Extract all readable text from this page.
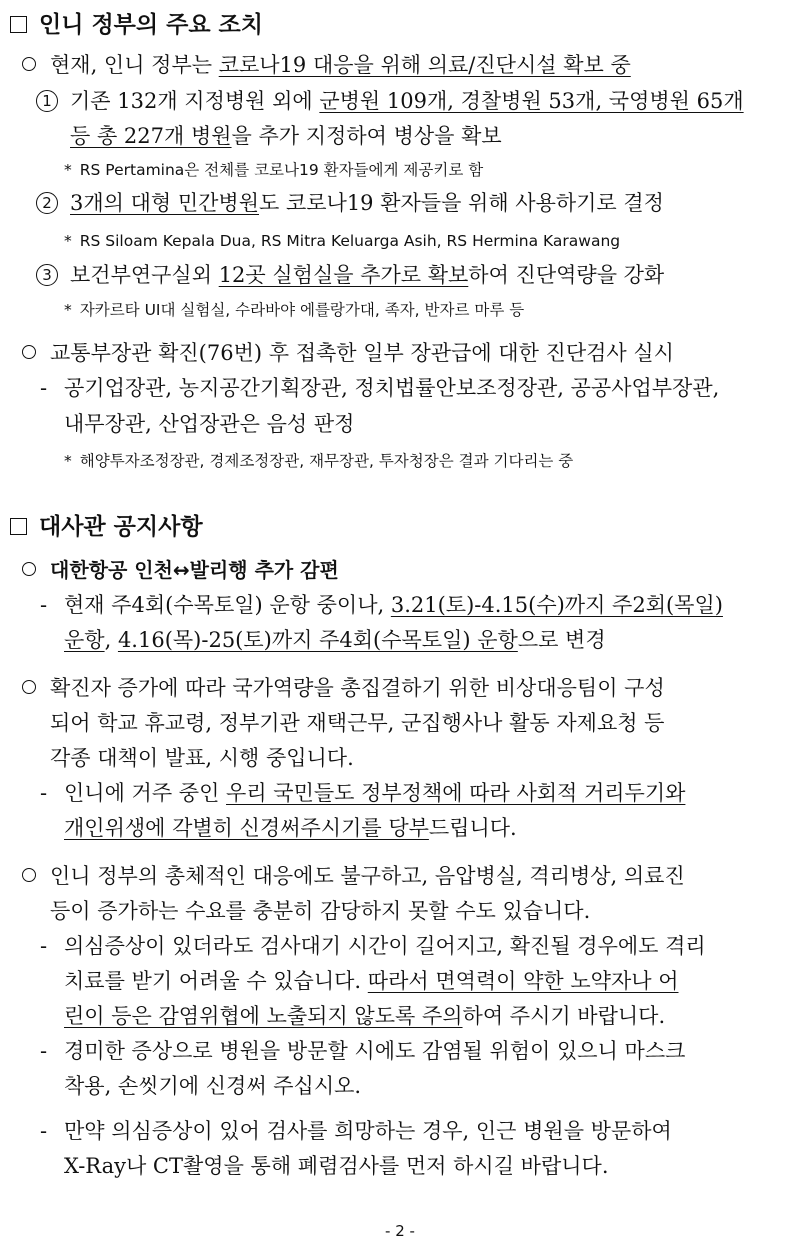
인니 정부의 주요 조치
현재, 인니 정부는 코로나19 대응을 위해 의료/진단시설 확보 중
1 기존 132개 지정병원 외에 군병원 109개, 경찰병원 53개, 국영병원 65개
등 총 227개 병원을 추가 지정하여 병상을 확보
* RS Pertamina은 전체를 코로나19 환자들에게 제공키로 함
2 3개의 대형 민간병원도 코로나19 환자들을 위해 사용하기로 결정
* RS Siloam Kepala Dua, RS Mitra Keluarga Asih, RS Hermina Karawang
3 보건부연구실외 12곳 실험실을 추가로 확보하여 진단역량을 강화
* 자카르타 UI대 실험실, 수라바야 에를랑가대, 족자, 반자르 마루 등
교통부장관 확진(76번) 후 접촉한 일부 장관급에 대한 진단검사 실시
- 공기업장관, 농지공간기획장관, 정치법률안보조정장관, 공공사업부장관,
내무장관, 산업장관은 음성 판정
* 해양투자조정장관, 경제조정장관, 재무장관, 투자청장은 결과 기다리는 중
대사관 공지사항
대한항공 인천↔발리행 추가 감편
- 현재 주4회(수목토일) 운항 중이나, 3.21(토)-4.15(수)까지 주2회(목일)
운항, 4.16(목)-25(토)까지 주4회(수목토일) 운항으로 변경
확진자 증가에 따라 국가역량을 총집결하기 위한 비상대응팀이 구성
되어 학교 휴교령, 정부기관 재택근무, 군집행사나 활동 자제요청 등
각종 대책이 발표, 시행 중입니다.
- 인니에 거주 중인 우리 국민들도 정부정책에 따라 사회적 거리두기와
개인위생에 각별히 신경써주시기를 당부드립니다.
인니 정부의 총체적인 대응에도 불구하고, 음압병실, 격리병상, 의료진
등이 증가하는 수요를 충분히 감당하지 못할 수도 있습니다.
- 의심증상이 있더라도 검사대기 시간이 길어지고, 확진될 경우에도 격리
치료를 받기 어려울 수 있습니다. 따라서 면역력이 약한 노약자나 어
린이 등은 감염위협에 노출되지 않도록 주의하여 주시기 바랍니다.
- 경미한 증상으로 병원을 방문할 시에도 감염될 위험이 있으니 마스크
착용, 손씻기에 신경써 주십시오.
- 만약 의심증상이 있어 검사를 희망하는 경우, 인근 병원을 방문하여
X-Ray나 CT촬영을 통해 폐렴검사를 먼저 하시길 바랍니다.
- 2 -
